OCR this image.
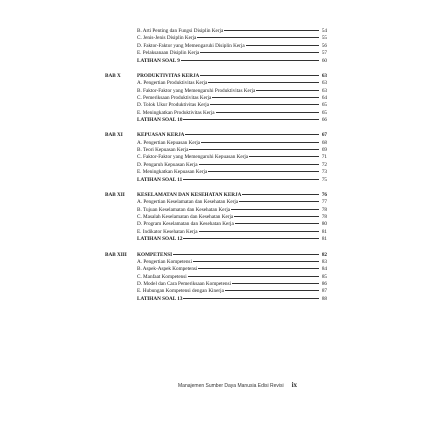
B. Arti Penting dan Fungsi Disiplin Kerja	54
C. Jenis-Jenis Disiplin Kerja	55
D. Faktor-Faktor yang Memengaruhi Disiplin Kerja	56
E. Pelaksanaan Disiplin Kerja	57
LATIHAN SOAL 9	60
BAB X	PRODUKTIVITAS KERJA	63
A. Pengertian Produktivitas Kerja	63
B. Faktor-Faktor yang Memengaruhi Produktivitas Kerja	63
C. Pemeriksaan Produktivitas Kerja	64
D. Tolok Ukur Produktivitas Kerja	65
E. Meningkatkan Produktivitas Kerja	65
LATIHAN SOAL 10	66
BAB XI	KEPUASAN KERJA	67
A. Pengertian Kepuasan Kerja	68
B. Teori Kepuasan Kerja	69
C. Faktor-Faktor yang Memengaruhi Kepuasan Kerja	71
D. Pengaruh Kepuasan Kerja	72
E. Meningkatkan Kepuasan Kerja	73
LATIHAN SOAL 11	75
BAB XII	KESELAMATAN DAN KESEHATAN KERJA	76
A. Pengertian Keselamatan dan Kesehatan Kerja	77
B. Tujuan Keselamatan dan Kesehatan Kerja	78
C. Masalah Keselamatan dan Kesehatan Kerja	78
D. Program Keselamatan dan Kesehatan Kerja	80
E. Indikator Kesehatan Kerja	81
LATIHAN SOAL 12	81
BAB XIII	KOMPETENSI	82
A. Pengertian Kompetensi	83
B. Aspek-Aspek Kompetensi	84
C. Manfaat Kompetensi	85
D. Model dan Cara Pemeriksaan Kompetensi	86
E. Hubungan Kompetensi dengan Kinerja	87
LATIHAN SOAL 13	88
Manajemen Sumber Daya Manusia Edisi Revisi ix
